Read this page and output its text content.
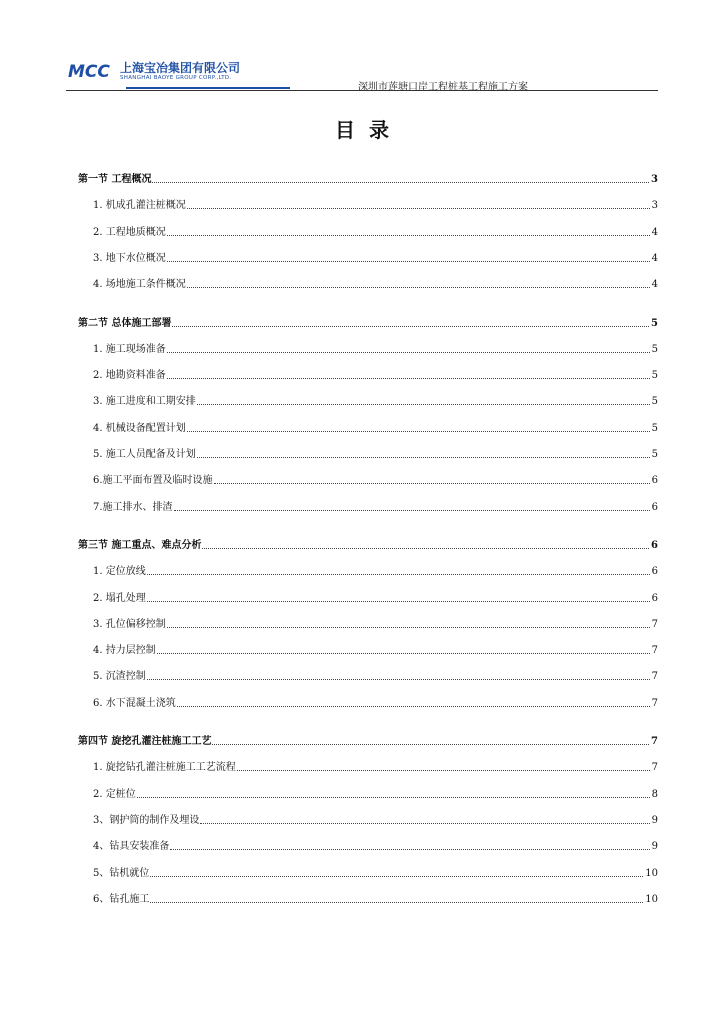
MCC 上海宝冶集团有限公司
SHANGHAI BAOYE GROUP CORP.,LTD.
深圳市莲塘口岸工程桩基工程施工方案
目录
第一节 工程概况	3
1. 机成孔灌注桩概况	3
2. 工程地质概况	4
3. 地下水位概况	4
4. 场地施工条件概况	4
第二节 总体施工部署	5
1. 施工现场准备	5
2. 地勘资料准备	5
3. 施工进度和工期安排	5
4. 机械设备配置计划	5
5. 施工人员配备及计划	5
6.施工平面布置及临时设施	6
7.施工排水、排渣	6
第三节 施工重点、难点分析	6
1. 定位放线	6
2. 塌孔处理	6
3. 孔位偏移控制	7
4. 持力层控制	7
5. 沉渣控制	7
6. 水下混凝土浇筑	7
第四节 旋挖孔灌注桩施工工艺	7
1. 旋挖钻孔灌注桩施工工艺流程	7
2. 定桩位	8
3、钢护筒的制作及埋设	9
4、钻具安装准备	9
5、钻机就位	10
6、钻孔施工	10
